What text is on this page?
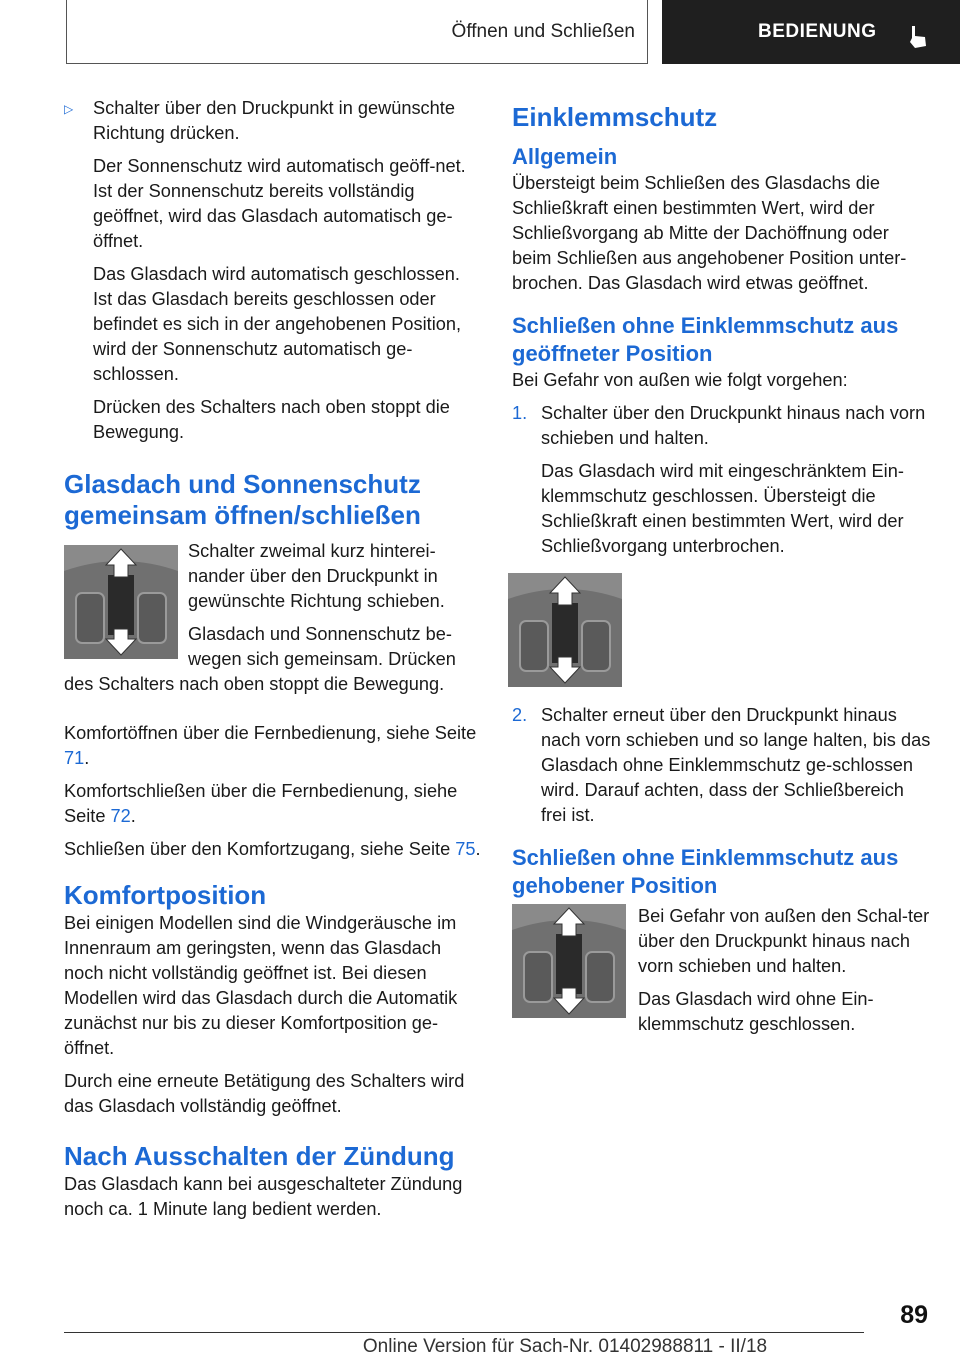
Öffnen und Schließen	BEDIENUNG
▷ Schalter über den Druckpunkt in gewünschte Richtung drücken.

Der Sonnenschutz wird automatisch geöff‐net. Ist der Sonnenschutz bereits vollständig geöffnet, wird das Glasdach automatisch ge‐öffnet.

Das Glasdach wird automatisch geschlossen. Ist das Glasdach bereits geschlossen oder befindet es sich in der angehobenen Position, wird der Sonnenschutz automatisch ge‐schlossen.

Drücken des Schalters nach oben stoppt die Bewegung.

Glasdach und Sonnenschutz gemeinsam öffnen/schließen

Schalter zweimal kurz hinterei‐nander über den Druckpunkt in gewünschte Richtung schieben.

Glasdach und Sonnenschutz be‐wegen sich gemeinsam. Drücken des Schalters nach oben stoppt die Bewegung.

Komfortöffnen über die Fernbedienung, siehe Seite 71.

Komfortschließen über die Fernbedienung, siehe Seite 72.

Schließen über den Komfortzugang, siehe Seite 75.

Komfortposition

Bei einigen Modellen sind die Windgeräusche im Innenraum am geringsten, wenn das Glasdach noch nicht vollständig geöffnet ist. Bei diesen Modellen wird das Glasdach durch die Automatik zunächst nur bis zu dieser Komfortposition ge‐öffnet.

Durch eine erneute Betätigung des Schalters wird das Glasdach vollständig geöffnet.

Nach Ausschalten der Zündung

Das Glasdach kann bei ausgeschalteter Zündung noch ca. 1 Minute lang bedient werden.

Einklemmschutz
Allgemein

Übersteigt beim Schließen des Glasdachs die Schließkraft einen bestimmten Wert, wird der Schließvorgang ab Mitte der Dachöffnung oder beim Schließen aus angehobener Position unter‐brochen. Das Glasdach wird etwas geöffnet.

Schließen ohne Einklemmschutz aus geöffneter Position

Bei Gefahr von außen wie folgt vorgehen:

1. Schalter über den Druckpunkt hinaus nach vorn schieben und halten.

Das Glasdach wird mit eingeschränktem Ein‐klemmschutz geschlossen. Übersteigt die Schließkraft einen bestimmten Wert, wird der Schließvorgang unterbrochen.

2. Schalter erneut über den Druckpunkt hinaus nach vorn schieben und so lange halten, bis das Glasdach ohne Einklemmschutz ge‐schlossen wird. Darauf achten, dass der Schließbereich frei ist.

Schließen ohne Einklemmschutz aus gehobener Position

Bei Gefahr von außen den Schal‐ter über den Druckpunkt hinaus nach vorn schieben und halten.

Das Glasdach wird ohne Ein‐klemmschutz geschlossen.

89
Online Version für Sach-Nr. 01402988811 - II/18
